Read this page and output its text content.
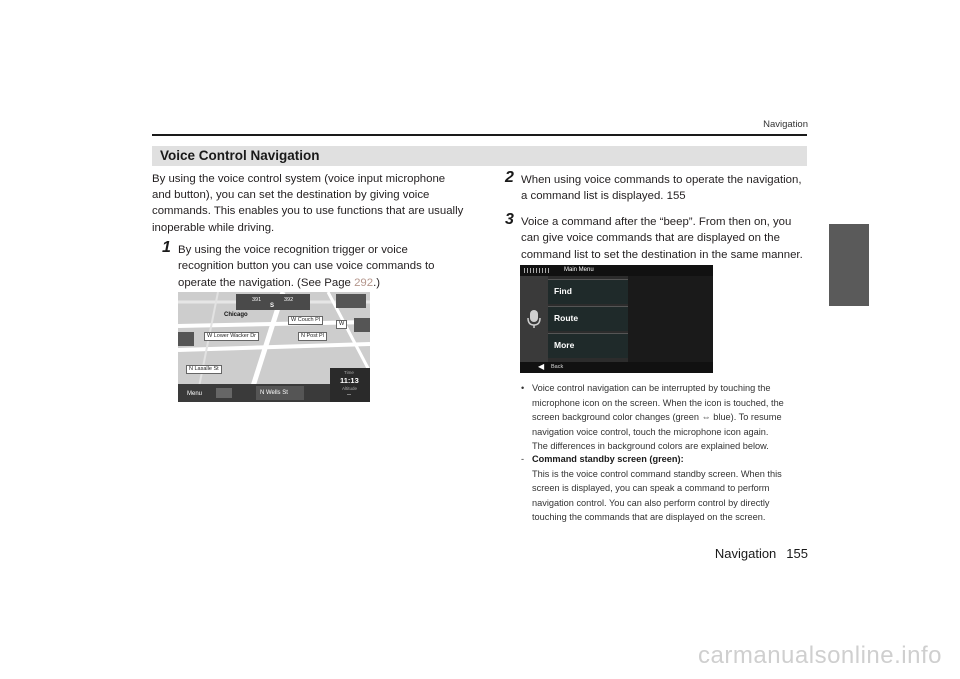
Navigation
Voice Control Navigation
By using the voice control system (voice input microphone
and button), you can set the destination by giving voice
commands. This enables you to use functions that are usually
inoperable while driving.
1 By using the voice recognition trigger or voice
recognition button you can use voice commands to
operate the navigation. (See Page 292.)
391	392
S
Chicago
W Couch Pl
W
W Lower Wacker Dr	N Post Pl
N Lasalle St
Menu	N Wells St
Time
11:13
Altitude
--
2 When using voice commands to operate the navigation,
a command list is displayed. 155
3 Voice a command after the “beep”. From then on, you
can give voice commands that are displayed on the
command list to set the destination in the same manner.
Main Menu
Find
Route
More
◀ Back
• Voice control navigation can be interrupted by touching the
microphone icon on the screen. When the icon is touched, the
screen background color changes (green ⇔ blue). To resume
navigation voice control, touch the microphone icon again.
The differences in background colors are explained below.
- Command standby screen (green):
This is the voice control command standby screen. When this
screen is displayed, you can speak a command to perform
navigation control. You can also perform control by directly
touching the commands that are displayed on the screen.
Navigation 155
carmanualsonline.info
